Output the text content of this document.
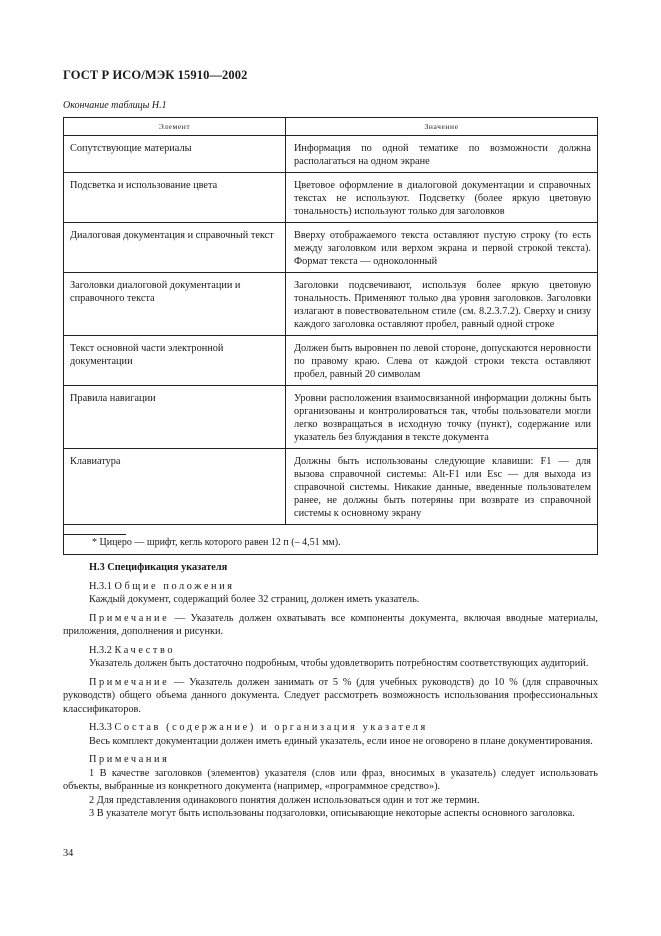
ГОСТ Р ИСО/МЭК 15910—2002
Окончание таблицы Н.1
Элемент	Значение
Сопутствующие материалы	Информация по одной тематике по возможности должна располагаться на одном экране
Подсветка и использование цвета	Цветовое оформление в диалоговой документации и справочных текстах не используют. Подсветку (более яркую цветовую тональность) используют только для заголовков
Диалоговая документация и справочный текст	Вверху отображаемого текста оставляют пустую строку (то есть между заголовком или верхом экрана и первой строкой текста). Формат текста — одноколонный
Заголовки диалоговой документации и справочного текста	Заголовки подсвечивают, используя более яркую цветовую тональность. Применяют только два уровня заголовков. Заголовки излагают в повествовательном стиле (см. 8.2.3.7.2). Сверху и снизу каждого заголовка оставляют пробел, равный одной строке
Текст основной части электронной документации	Должен быть выровнен по левой стороне, допускаются неровности по правому краю. Слева от каждой строки текста оставляют пробел, равный 20 символам
Правила навигации	Уровни расположения взаимосвязанной информации должны быть организованы и контролироваться так, чтобы пользователи могли легко возвращаться в исходную точку (пункт), содержание или указатель без блуждания в тексте документа
Клавиатура	Должны быть использованы следующие клавиши: F1 — для вызова справочной системы: Alt-F1 или Esc — для выхода из справочной системы. Никакие данные, введенные пользователем ранее, не должны быть потеряны при возврате из справочной системы к основному экрану

* Цицеро — шрифт, кегль которого равен 12 п (– 4,51 мм).	

Н.3 Спецификация указателя

Н.3.1 Общие положения

Каждый документ, содержащий более 32 страниц, должен иметь указатель.

Примечание — Указатель должен охватывать все компоненты документа, включая вводные материалы, приложения, дополнения и рисунки.

Н.3.2 Качество

Указатель должен быть достаточно подробным, чтобы удовлетворить потребностям соответствующих аудиторий.

Примечание — Указатель должен занимать от 5 % (для учебных руководств) до 10 % (для справочных руководств) общего объема данного документа. Следует рассмотреть возможность использования профессиональных классификаторов.

Н.3.3 Состав (содержание) и организация указателя

Весь комплект документации должен иметь единый указатель, если иное не оговорено в плане документирования.

Примечания

1 В качестве заголовков (элементов) указателя (слов или фраз, вносимых в указатель) следует использовать объекты, выбранные из конкретного документа (например, «программное средство»).

2 Для представления одинакового понятия должен использоваться один и тот же термин.

3 В указателе могут быть использованы подзаголовки, описывающие некоторые аспекты основного заголовка.

34
